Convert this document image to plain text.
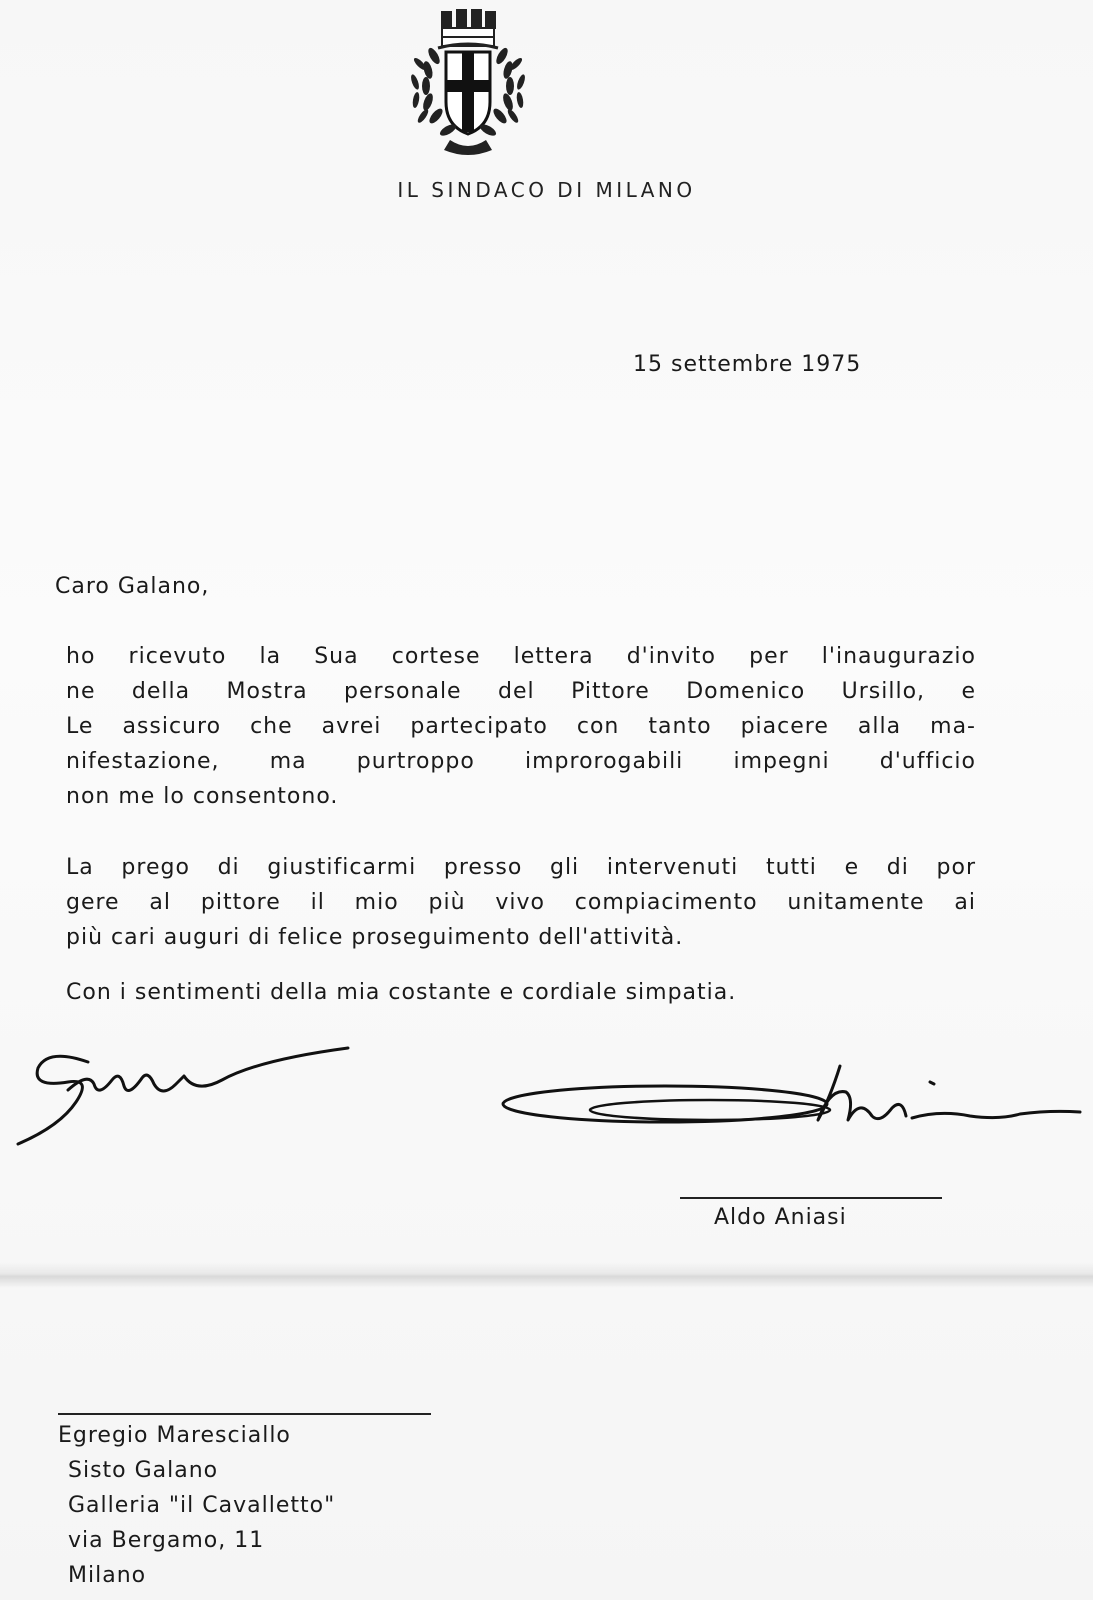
IL SINDACO DI MILANO
15 settembre 1975
Caro Galano,
ho ricevuto la Sua cortese lettera d'invito per l'inaugurazio
ne della Mostra personale del Pittore Domenico Ursillo, e
Le assicuro che avrei partecipato con tanto piacere alla ma-
nifestazione, ma purtroppo improrogabili impegni d'ufficio
non me lo consentono.
La prego di giustificarmi presso gli intervenuti tutti e di por
gere al pittore il mio più vivo compiacimento unitamente ai
più cari auguri di felice proseguimento dell'attività.
Con i sentimenti della mia costante e cordiale simpatia.
Aldo Aniasi
Egregio Maresciallo
Sisto Galano
Galleria "il Cavalletto"
via Bergamo, 11
Milano
